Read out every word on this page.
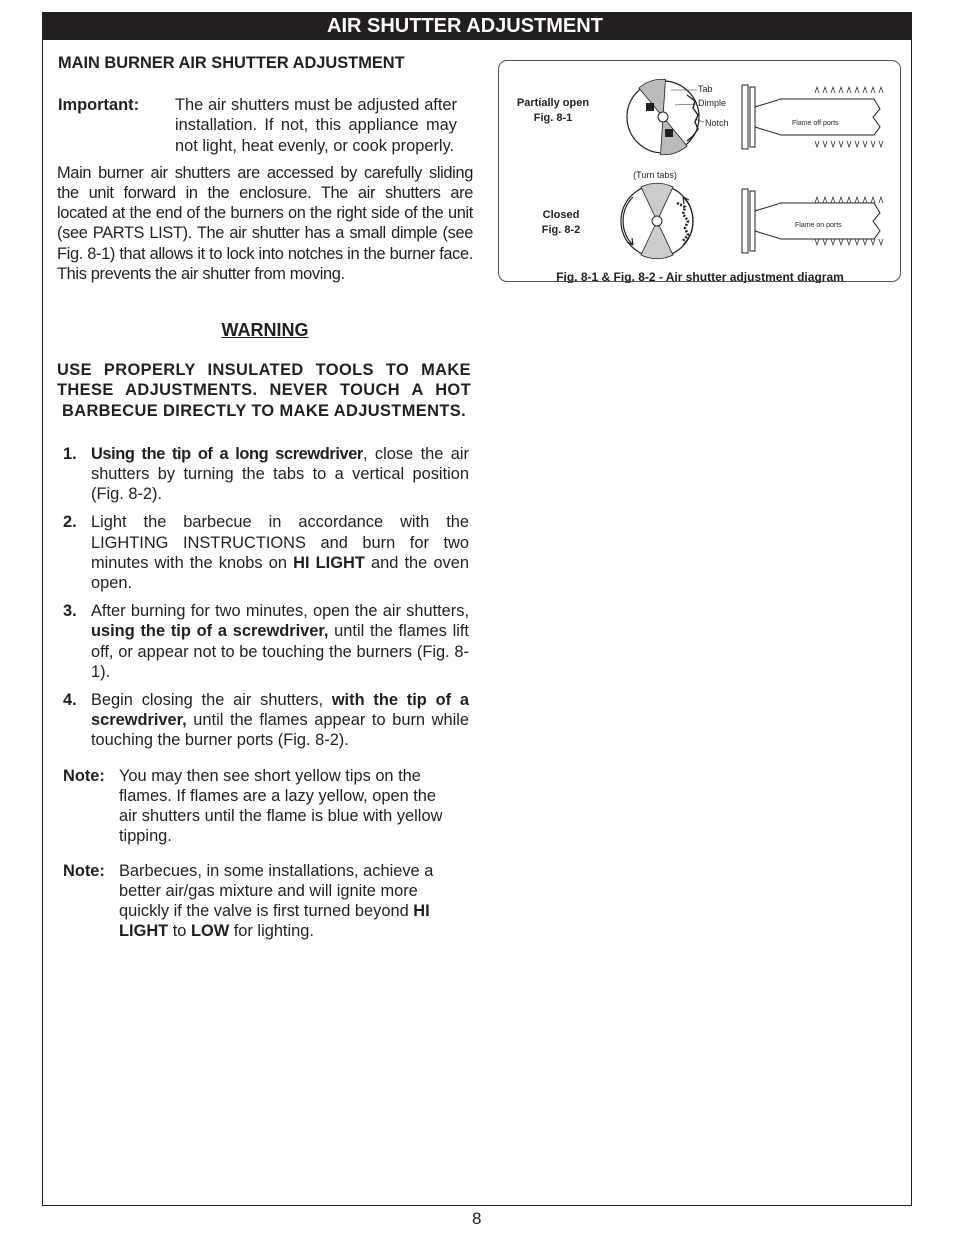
AIR SHUTTER ADJUSTMENT
MAIN BURNER AIR SHUTTER ADJUSTMENT
Important:	The air shutters must be adjusted after installation. If not, this appliance may not light, heat evenly, or cook properly.

Main burner air shutters are accessed by carefully sliding the unit forward in the enclosure. The air shutters are located at the end of the burners on the right side of the unit (see PARTS LIST). The air shutter has a small dimple (see Fig. 8-1) that allows it to lock into notches in the burner face. This prevents the air shutter from moving.

WARNING

USE PROPERLY INSULATED TOOLS TO MAKE THESE ADJUSTMENTS. NEVER TOUCH A HOT BARBECUE DIRECTLY TO MAKE ADJUSTMENTS.

1. Using the tip of a long screwdriver, close the air shutters by turning the tabs to a vertical position (Fig. 8-2).
2. Light the barbecue in accordance with the LIGHTING INSTRUCTIONS and burn for two minutes with the knobs on HI LIGHT and the oven open.
3. After burning for two minutes, open the air shutters, using the tip of a screwdriver, until the flames lift off, or appear not to be touching the burners (Fig. 8-1).
4. Begin closing the air shutters, with the tip of a screwdriver, until the flames appear to burn while touching the burner ports (Fig. 8-2).
Note: You may then see short yellow tips on the flames. If flames are a lazy yellow, open the air shutters until the flame is blue with yellow tipping.
Note: Barbecues, in some installations, achieve a better air/gas mixture and will ignite more quickly if the valve is first turned beyond HI LIGHT to LOW for lighting.
Partially open
Fig. 8-1
Tab
Dimple
Notch	Flame off ports
(Turn tabs)
Closed
Fig. 8-2	Flame on ports
Fig. 8-1 & Fig. 8-2 - Air shutter adjustment diagram
8
